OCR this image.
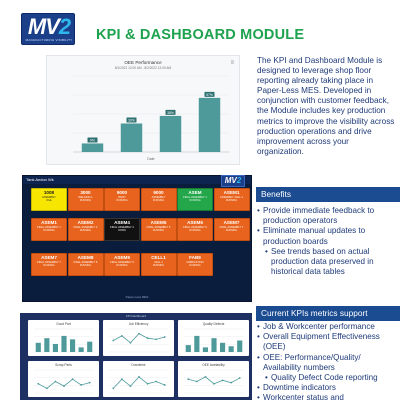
MV2
MANUFACTURING VISIBILITY KPI & DASHBOARD MODULE
The KPI and Dashboard Module is designed to leverage shop floor reporting already taking place in Paper-Less MES. Developed in conjunction with customer feedback, the Module includes key production metrics to improve the visibility across production operations and drive improvement across your organization.
OEE Performance
8/1/2022 12:00 AM - 8/2/2022 12:00 AM
≡
9%
30%
38%
57%
Date
Tank Andon Wk	MV2
1008
ASSEMBLY
IDLE
3000
WELDING 1
RUNNING
9000
PAINT
RUNNING
9000
ASSEMBLY
RUNNING
ASEM
FINAL ASSEMBLY 1
RUNNING
ASEM1
ASSEMBLY CELL 1
RUNNING
ASEM1
FINAL ASSEMBLY 1
RUNNING
ASEM2
FINAL ASSEMBLY 2
RUNNING
ASEM4
FINAL ASSEMBLY 4
DOWN
ASEM5
FINAL ASSEMBLY 5
RUNNING
ASEM6
FINAL ASSEMBLY 6
RUNNING
ASEM7
FINAL ASSEMBLY 7
RUNNING
ASEM7
FINAL ASSEMBLY 7
RUNNING
ASEM8
FINAL ASSEMBLY 8
RUNNING
ASEM9
FINAL ASSEMBLY 9
RUNNING
CELL1
CELL 1
RUNNING
FAB9
FABRICATION
RUNNING
Paper-Less MES
KPI Dashboard
Good Part	Job Efficiency	Quality Defects
Scrap Parts	Downtime	OEE Availability
Benefits
• Provide immediate feedback to production operators
• Eliminate manual updates to production boards
• See trends based on actual production data preserved in historical data tables
Current KPIs metrics support
• Job & Workcenter performance
• Overall Equipment Effectiveness (OEE)
• OEE: Performance/Quality/ Availability numbers
• Quality Defect Code reporting
• Downtime indicators
• Workcenter status and
